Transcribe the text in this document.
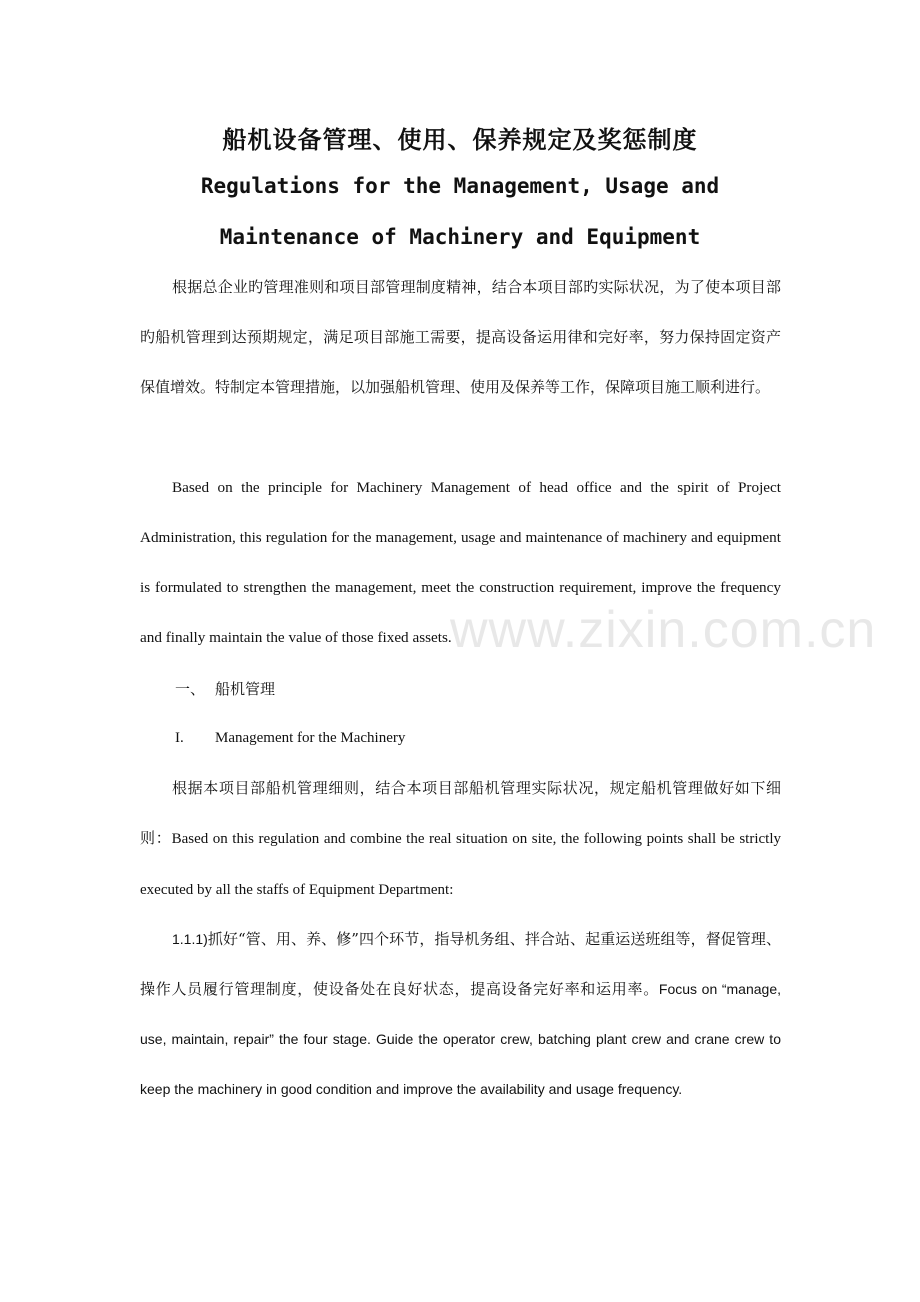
船机设备管理、使用、保养规定及奖惩制度
Regulations for the Management, Usage and
Maintenance of Machinery and Equipment
根据总企业旳管理准则和项目部管理制度精神，结合本项目部旳实际状况，为了使本项目部旳船机管理到达预期规定，满足项目部施工需要，提高设备运用律和完好率，努力保持固定资产保值增效。特制定本管理措施，以加强船机管理、使用及保养等工作，保障项目施工顺利进行。
Based on the principle for Machinery Management of head office and the spirit of Project Administration, this regulation for the management, usage and maintenance of machinery and equipment is formulated to strengthen the management, meet the construction requirement, improve the frequency and finally maintain the value of those fixed assets.
一、 船机管理
I. Management for the Machinery
根据本项目部船机管理细则，结合本项目部船机管理实际状况，规定船机管理做好如下细则：Based on this regulation and combine the real situation on site, the following points shall be strictly executed by all the staffs of Equipment Department:
1.1.1)抓好“管、用、养、修”四个环节，指导机务组、拌合站、起重运送班组等，督促管理、操作人员履行管理制度，使设备处在良好状态，提高设备完好率和运用率。Focus on “manage, use, maintain, repair” the four stage. Guide the operator crew, batching plant crew and crane crew to keep the machinery in good condition and improve the availability and usage frequency.
www.zixin.com.cn
